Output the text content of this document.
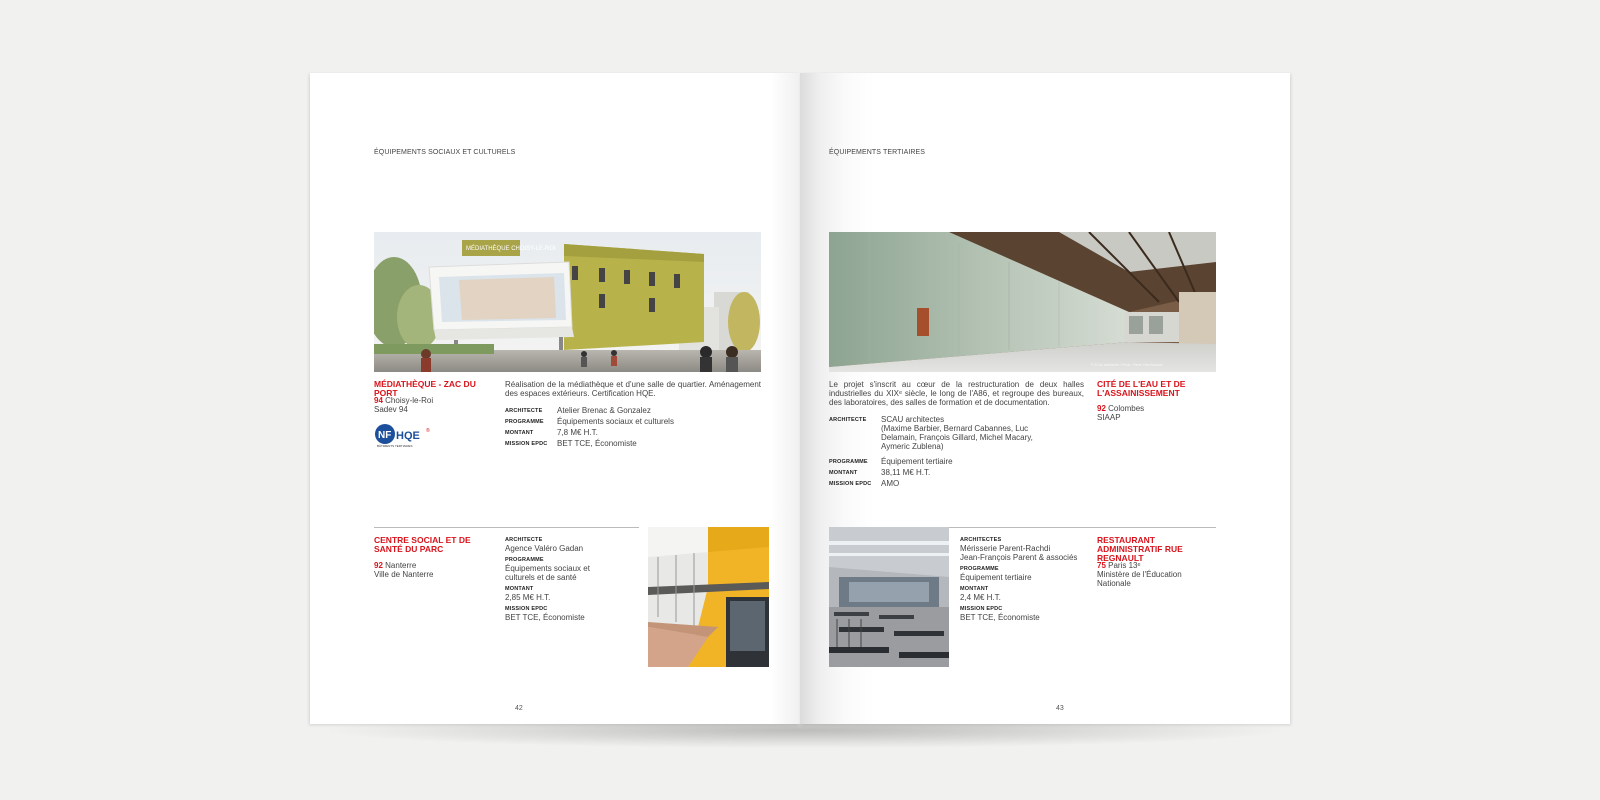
ÉQUIPEMENTS SOCIAUX ET CULTURELS
MÉDIATHÈQUE CHOISY-LE-ROI
MÉDIATHÈQUE - ZAC DU PORT
94 Choisy-le-Roi
Sadev 94
NF HQE ®
BÂTIMENTS TERTIAIRES
Réalisation de la médiathèque et d'une salle de quartier. Aménagement des espaces extérieurs. Certification HQE.
ARCHITECTE	Atelier Brenac & Gonzalez
PROGRAMME	Équipements sociaux et culturels
MONTANT	7,8 M€ H.T.
MISSION EPDC	BET TCE, Économiste
CENTRE SOCIAL ET DE SANTÉ DU PARC
92 Nanterre
Ville de Nanterre
ARCHITECTE
Agence Valéro Gadan
PROGRAMME
Équipements sociaux et culturels et de santé
MONTANT
2,85 M€ H.T.
MISSION EPDC
BET TCE, Économiste
42
ÉQUIPEMENTS TERTIAIRES
© SCAU architectes / Photo : Pierre-Yves Brunaud
Le projet s'inscrit au cœur de la restructuration de deux halles industrielles du XIXᵉ siècle, le long de l'A86, et regroupe des bureaux, des laboratoires, des salles de formation et de documentation.
ARCHITECTE	SCAU architectes
(Maxime Barbier, Bernard Cabannes, Luc Delamain, François Gillard, Michel Macary, Aymeric Zublena)
PROGRAMME	Équipement tertiaire
MONTANT	38,11 M€ H.T.
MISSION EPDC	AMO
CITÉ DE L'EAU ET DE L'ASSAINISSEMENT
92 Colombes
SIAAP
ARCHITECTES
Mérisserie Parent-Rachdi
Jean-François Parent & associés
PROGRAMME
Équipement tertiaire
MONTANT
2,4 M€ H.T.
MISSION EPDC
BET TCE, Économiste
RESTAURANT ADMINISTRATIF RUE REGNAULT
75 Paris 13ᵉ
Ministère de l'Éducation Nationale
43
